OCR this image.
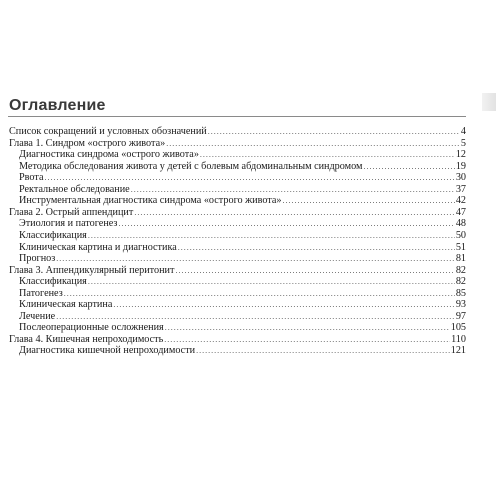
Оглавление
Список сокращений и условных обозначений .....	4
Глава 1. Синдром «острого живота» .....	5
Диагностика синдрома «острого живота» .....	12
Методика обследования живота у детей с болевым абдоминальным синдромом .....	19
Рвота .....	30
Ректальное обследование .....	37
Инструментальная диагностика синдрома «острого живота» .....	42
Глава 2. Острый аппендицит .....	47
Этиология и патогенез .....	48
Классификация .....	50
Клиническая картина и диагностика .....	51
Прогноз .....	81
Глава 3. Аппендикулярный перитонит .....	82
Классификация .....	82
Патогенез .....	85
Клиническая картина .....	93
Лечение .....	97
Послеоперационные осложнения .....	105
Глава 4. Кишечная непроходимость .....	110
Диагностика кишечной непроходимости .....	121
